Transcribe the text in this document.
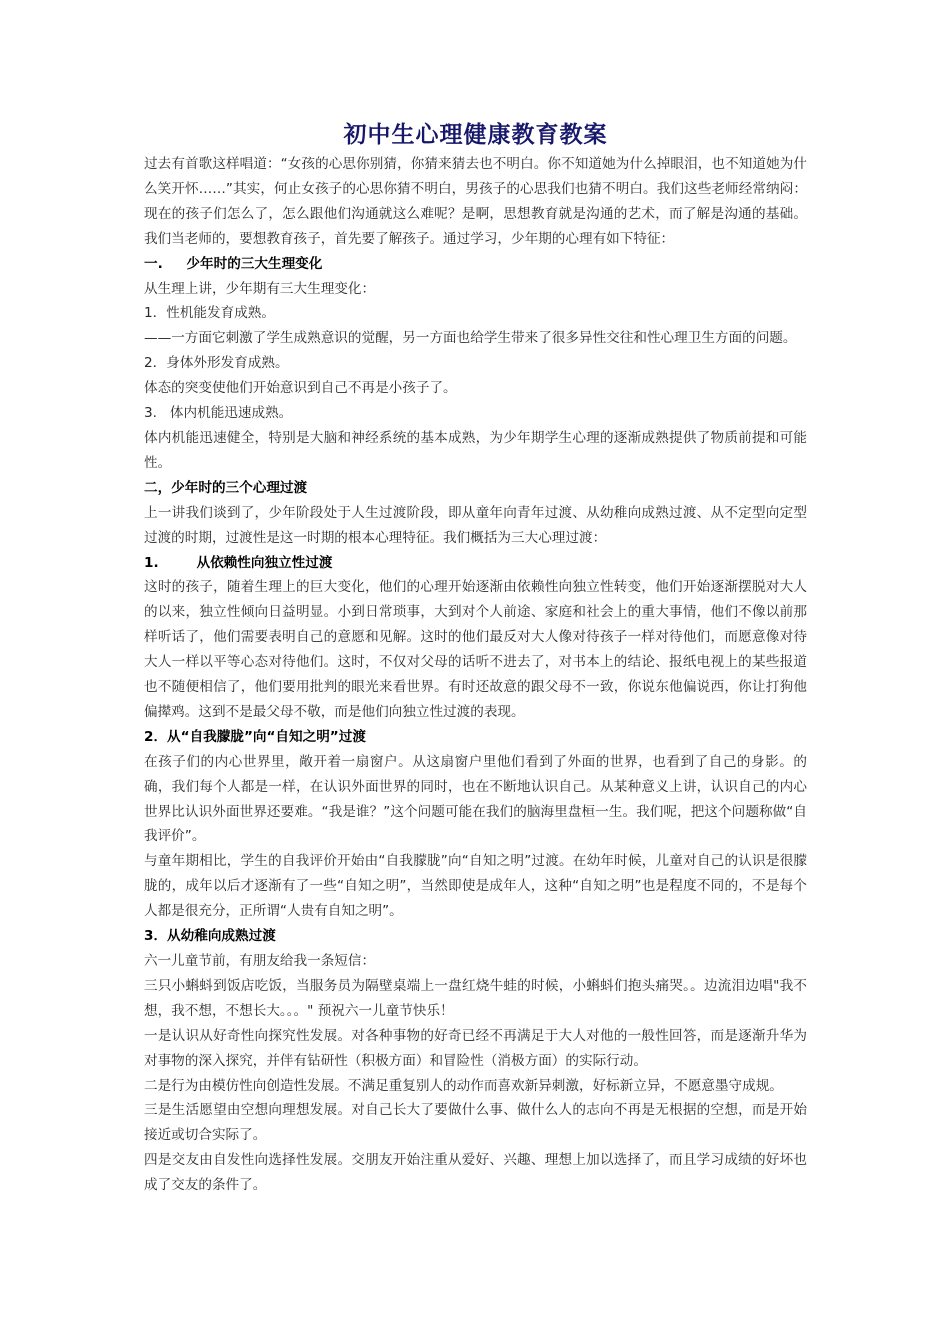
初中生心理健康教育教案

过去有首歌这样唱道：“女孩的心思你别猜，你猜来猜去也不明白。你不知道她为什么掉眼泪，也不知道她为什么笑开怀……”其实，何止女孩子的心思你猜不明白，男孩子的心思我们也猜不明白。我们这些老师经常纳闷：现在的孩子们怎么了，怎么跟他们沟通就这么难呢？是啊，思想教育就是沟通的艺术，而了解是沟通的基础。我们当老师的，要想教育孩子，首先要了解孩子。通过学习，少年期的心理有如下特征：

一.     少年时的三大生理变化

从生理上讲，少年期有三大生理变化：

1．性机能发育成熟。

——一方面它刺激了学生成熟意识的觉醒，另一方面也给学生带来了很多异性交往和性心理卫生方面的问题。

2．身体外形发育成熟。

体态的突变使他们开始意识到自己不再是小孩子了。

3.   体内机能迅速成熟。

体内机能迅速健全，特别是大脑和神经系统的基本成熟，为少年期学生心理的逐渐成熟提供了物质前提和可能性。

二，少年时的三个心理过渡

上一讲我们谈到了，少年阶段处于人生过渡阶段，即从童年向青年过渡、从幼稚向成熟过渡、从不定型向定型过渡的时期，过渡性是这一时期的根本心理特征。我们概括为三大心理过渡：

1.        从依赖性向独立性过渡

这时的孩子，随着生理上的巨大变化，他们的心理开始逐渐由依赖性向独立性转变，他们开始逐渐摆脱对大人的以来，独立性倾向日益明显。小到日常琐事，大到对个人前途、家庭和社会上的重大事情，他们不像以前那样听话了，他们需要表明自己的意愿和见解。这时的他们最反对大人像对待孩子一样对待他们，而愿意像对待大人一样以平等心态对待他们。这时，不仅对父母的话听不进去了，对书本上的结论、报纸电视上的某些报道也不随便相信了，他们要用批判的眼光来看世界。有时还故意的跟父母不一致，你说东他偏说西，你让打狗他偏撵鸡。这到不是最父母不敬，而是他们向独立性过渡的表现。

2．从“自我朦胧”向“自知之明”过渡

在孩子们的内心世界里，敞开着一扇窗户。从这扇窗户里他们看到了外面的世界，也看到了自己的身影。的确，我们每个人都是一样，在认识外面世界的同时，也在不断地认识自己。从某种意义上讲，认识自己的内心世界比认识外面世界还要难。“我是谁？”这个问题可能在我们的脑海里盘桓一生。我们呢，把这个问题称做“自我评价”。

与童年期相比，学生的自我评价开始由“自我朦胧”向“自知之明”过渡。在幼年时候，儿童对自己的认识是很朦胧的，成年以后才逐渐有了一些“自知之明”，当然即使是成年人，这种“自知之明”也是程度不同的，不是每个人都是很充分，正所谓“人贵有自知之明”。

3．从幼稚向成熟过渡

六一儿童节前，有朋友给我一条短信：

三只小蝌蚪到饭店吃饭，当服务员为隔壁桌端上一盘红烧牛蛙的时候，小蝌蚪们抱头痛哭。。边流泪边唱"我不想，我不想，不想长大。。。" 预祝六一儿童节快乐！

一是认识从好奇性向探究性发展。对各种事物的好奇已经不再满足于大人对他的一般性回答，而是逐渐升华为对事物的深入探究，并伴有钻研性（积极方面）和冒险性（消极方面）的实际行动。

二是行为由模仿性向创造性发展。不满足重复别人的动作而喜欢新异刺激，好标新立异，不愿意墨守成规。

三是生活愿望由空想向理想发展。对自己长大了要做什么事、做什么人的志向不再是无根据的空想，而是开始接近或切合实际了。

四是交友由自发性向选择性发展。交朋友开始注重从爱好、兴趣、理想上加以选择了，而且学习成绩的好坏也成了交友的条件了。
